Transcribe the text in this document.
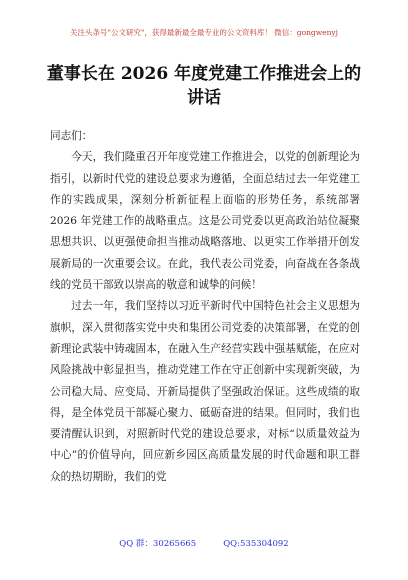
关注头条号"公文研究"，获得最新最全最专业的公文资料库！ 微信：gongwenyj
董事长在 2026 年度党建工作推进会上的讲话

同志们：

今天，我们隆重召开年度党建工作推进会，以党的创新理论为指引，以新时代党的建设总要求为遵循，全面总结过去一年党建工作的实践成果，深刻分析新征程上面临的形势任务，系统部署 2026 年党建工作的战略重点。这是公司党委以更高政治站位凝聚思想共识、以更强使命担当推动战略落地、以更实工作举措开创发展新局的一次重要会议。在此，我代表公司党委，向奋战在各条战线的党员干部致以崇高的敬意和诚挚的问候！

过去一年，我们坚持以习近平新时代中国特色社会主义思想为旗帜，深入贯彻落实党中央和集团公司党委的决策部署，在党的创新理论武装中铸魂固本，在融入生产经营实践中强基赋能，在应对风险挑战中彰显担当，推动党建工作在守正创新中实现新突破，为公司稳大局、应变局、开新局提供了坚强政治保证。这些成绩的取得，是全体党员干部凝心聚力、砥砺奋进的结果。但同时，我们也要清醒认识到，对照新时代党的建设总要求，对标“以质量效益为中心”的价值导向，回应新乡园区高质量发展的时代命题和职工群众的热切期盼，我们的党

QQ 群：30265665	QQ:535304092
